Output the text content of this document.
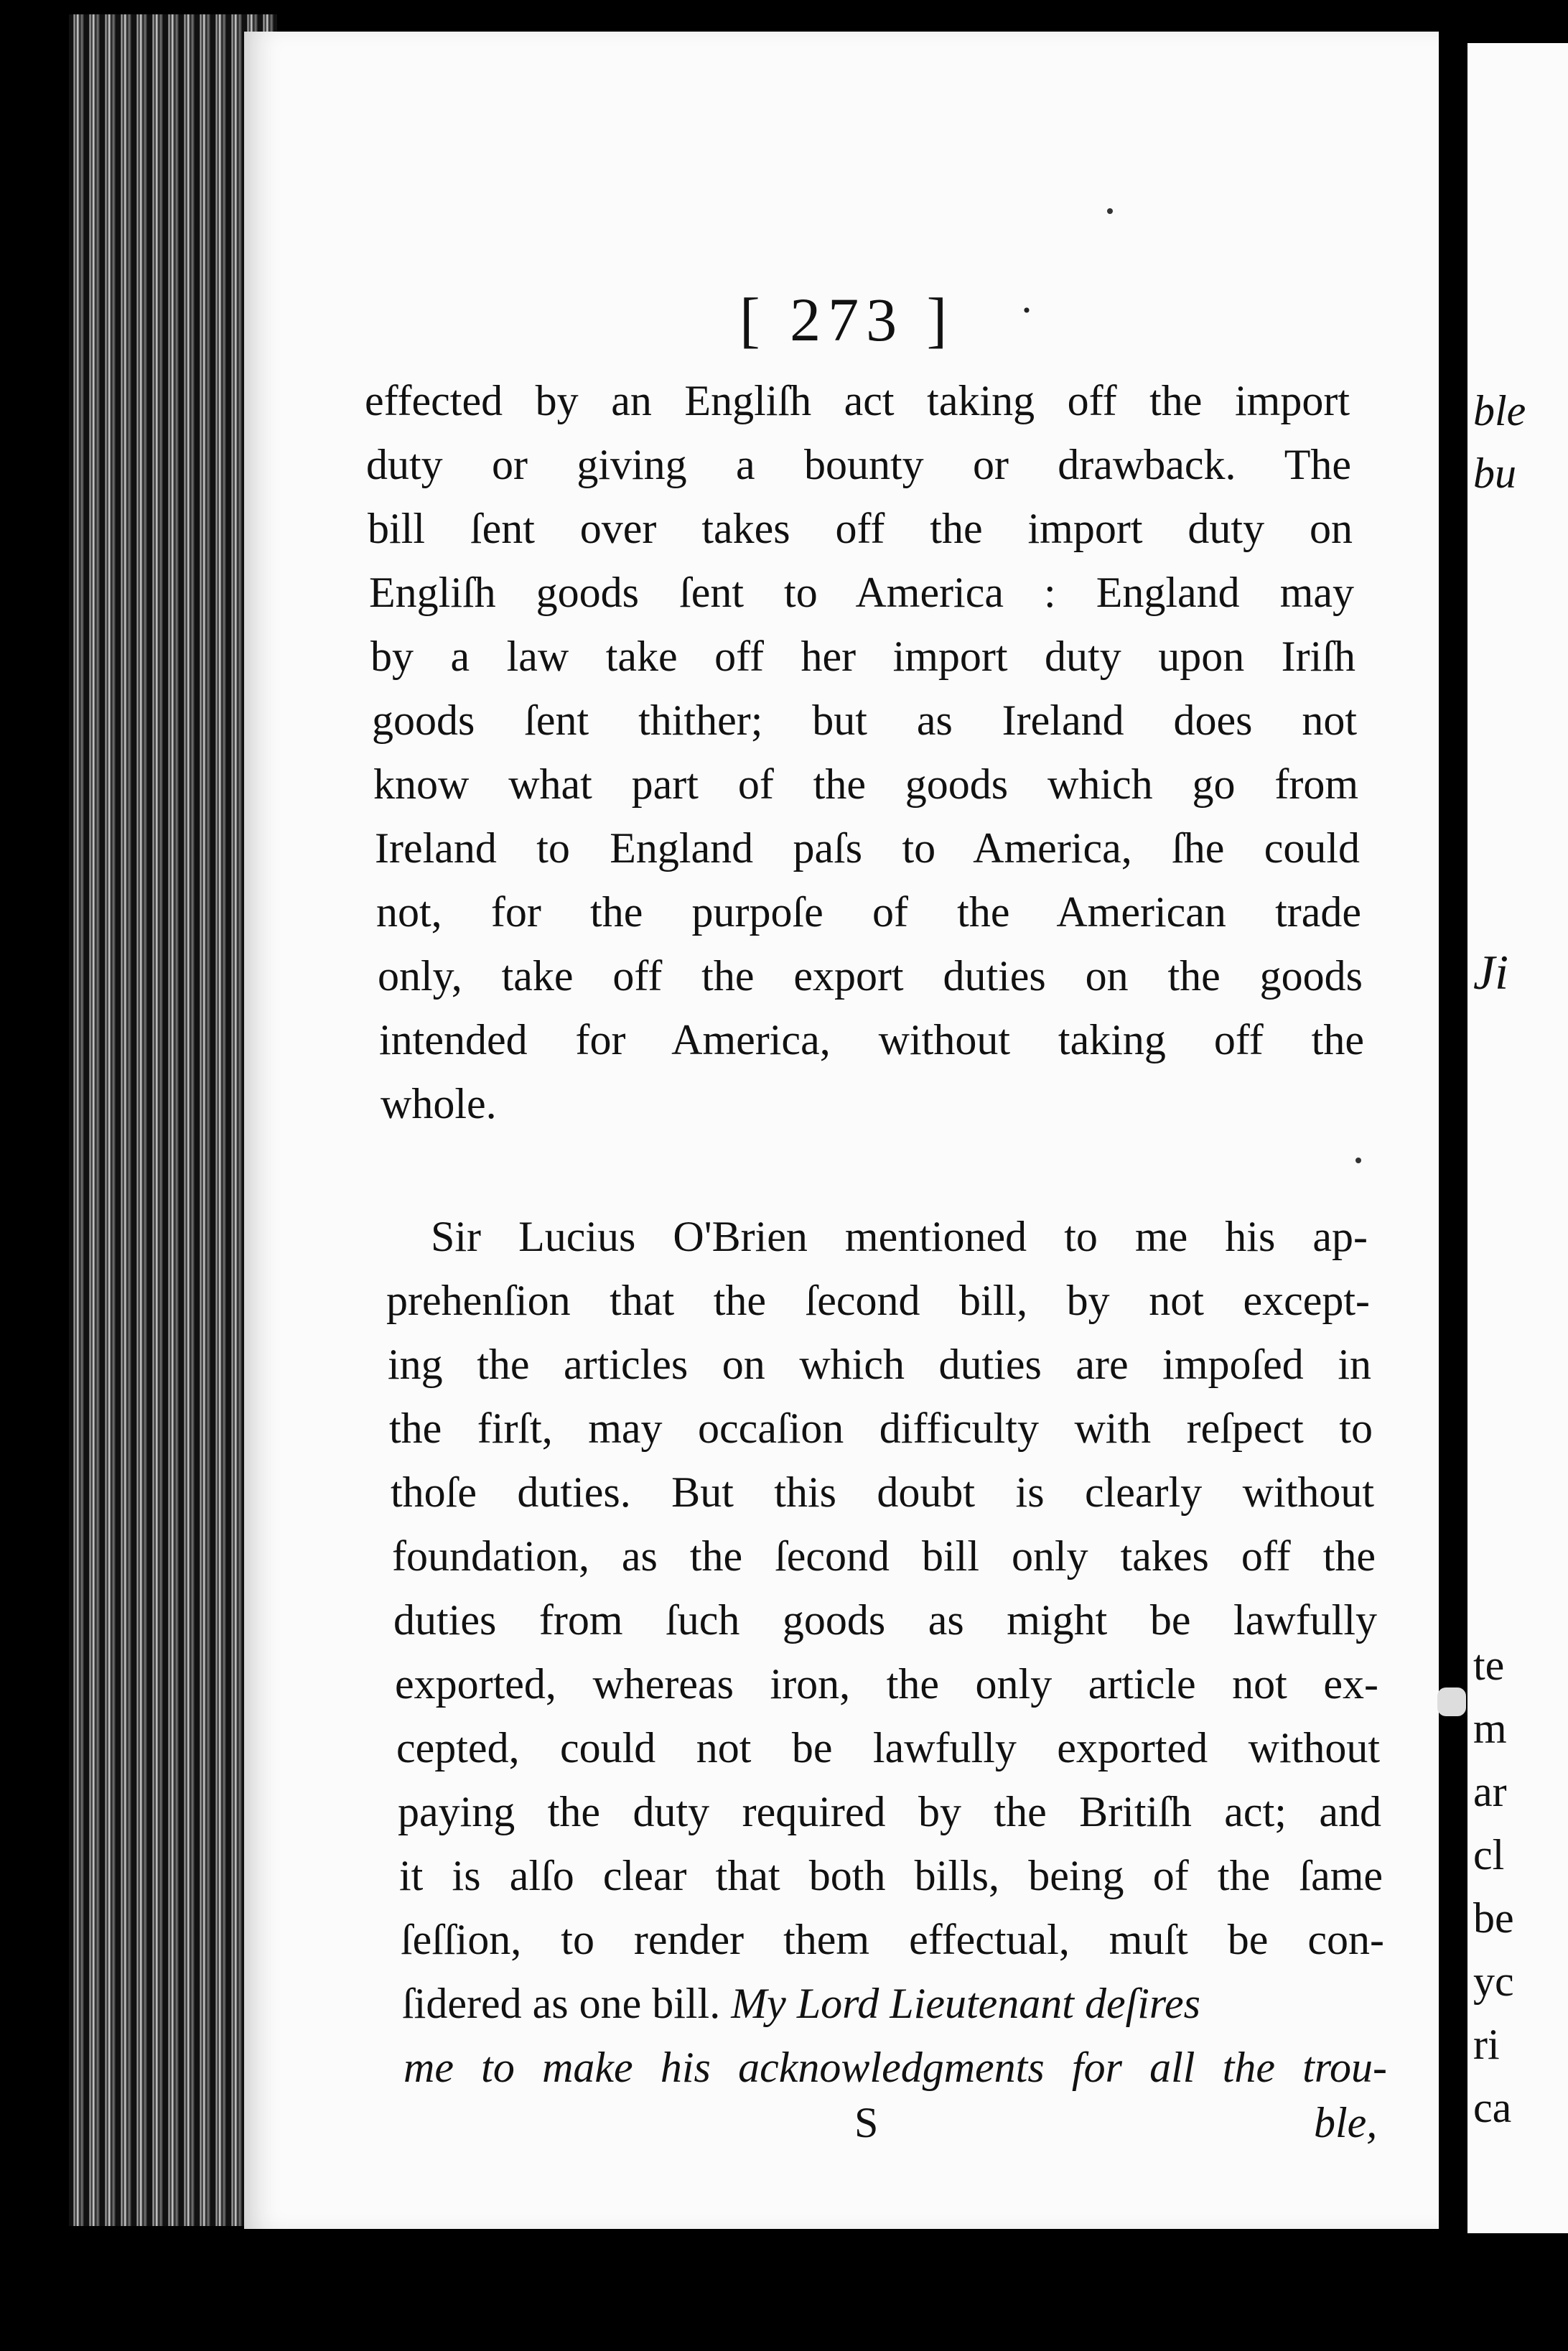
[ 273 ] ·
effected by an Engliſh act taking off the import
duty or giving a bounty or drawback. The
bill ſent over takes off the import duty on
Engliſh goods ſent to America : England may
by a law take off her import duty upon Iriſh
goods ſent thither; but as Ireland does not
know what part of the goods which go from
Ireland to England paſs to America, ſhe could
not, for the purpoſe of the American trade
only, take off the export duties on the goods
intended for America, without taking off the
whole.
Sir Lucius O'Brien mentioned to me his ap-
prehenſion that the ſecond bill, by not except-
ing the articles on which duties are impoſed in
the firſt, may occaſion difficulty with reſpect to
thoſe duties. But this doubt is clearly without
foundation, as the ſecond bill only takes off the
duties from ſuch goods as might be lawfully
exported, whereas iron, the only article not ex-
cepted, could not be lawfully exported without
paying the duty required by the Britiſh act; and
it is alſo clear that both bills, being of the ſame
ſeſſion, to render them effectual, muſt be con-
ſidered as one bill. My Lord Lieutenant deſires
me to make his acknowledgments for all the trou-
S	ble,
ble
bu
Ji
te
m
ar
cl
be
yc
ri
ca
